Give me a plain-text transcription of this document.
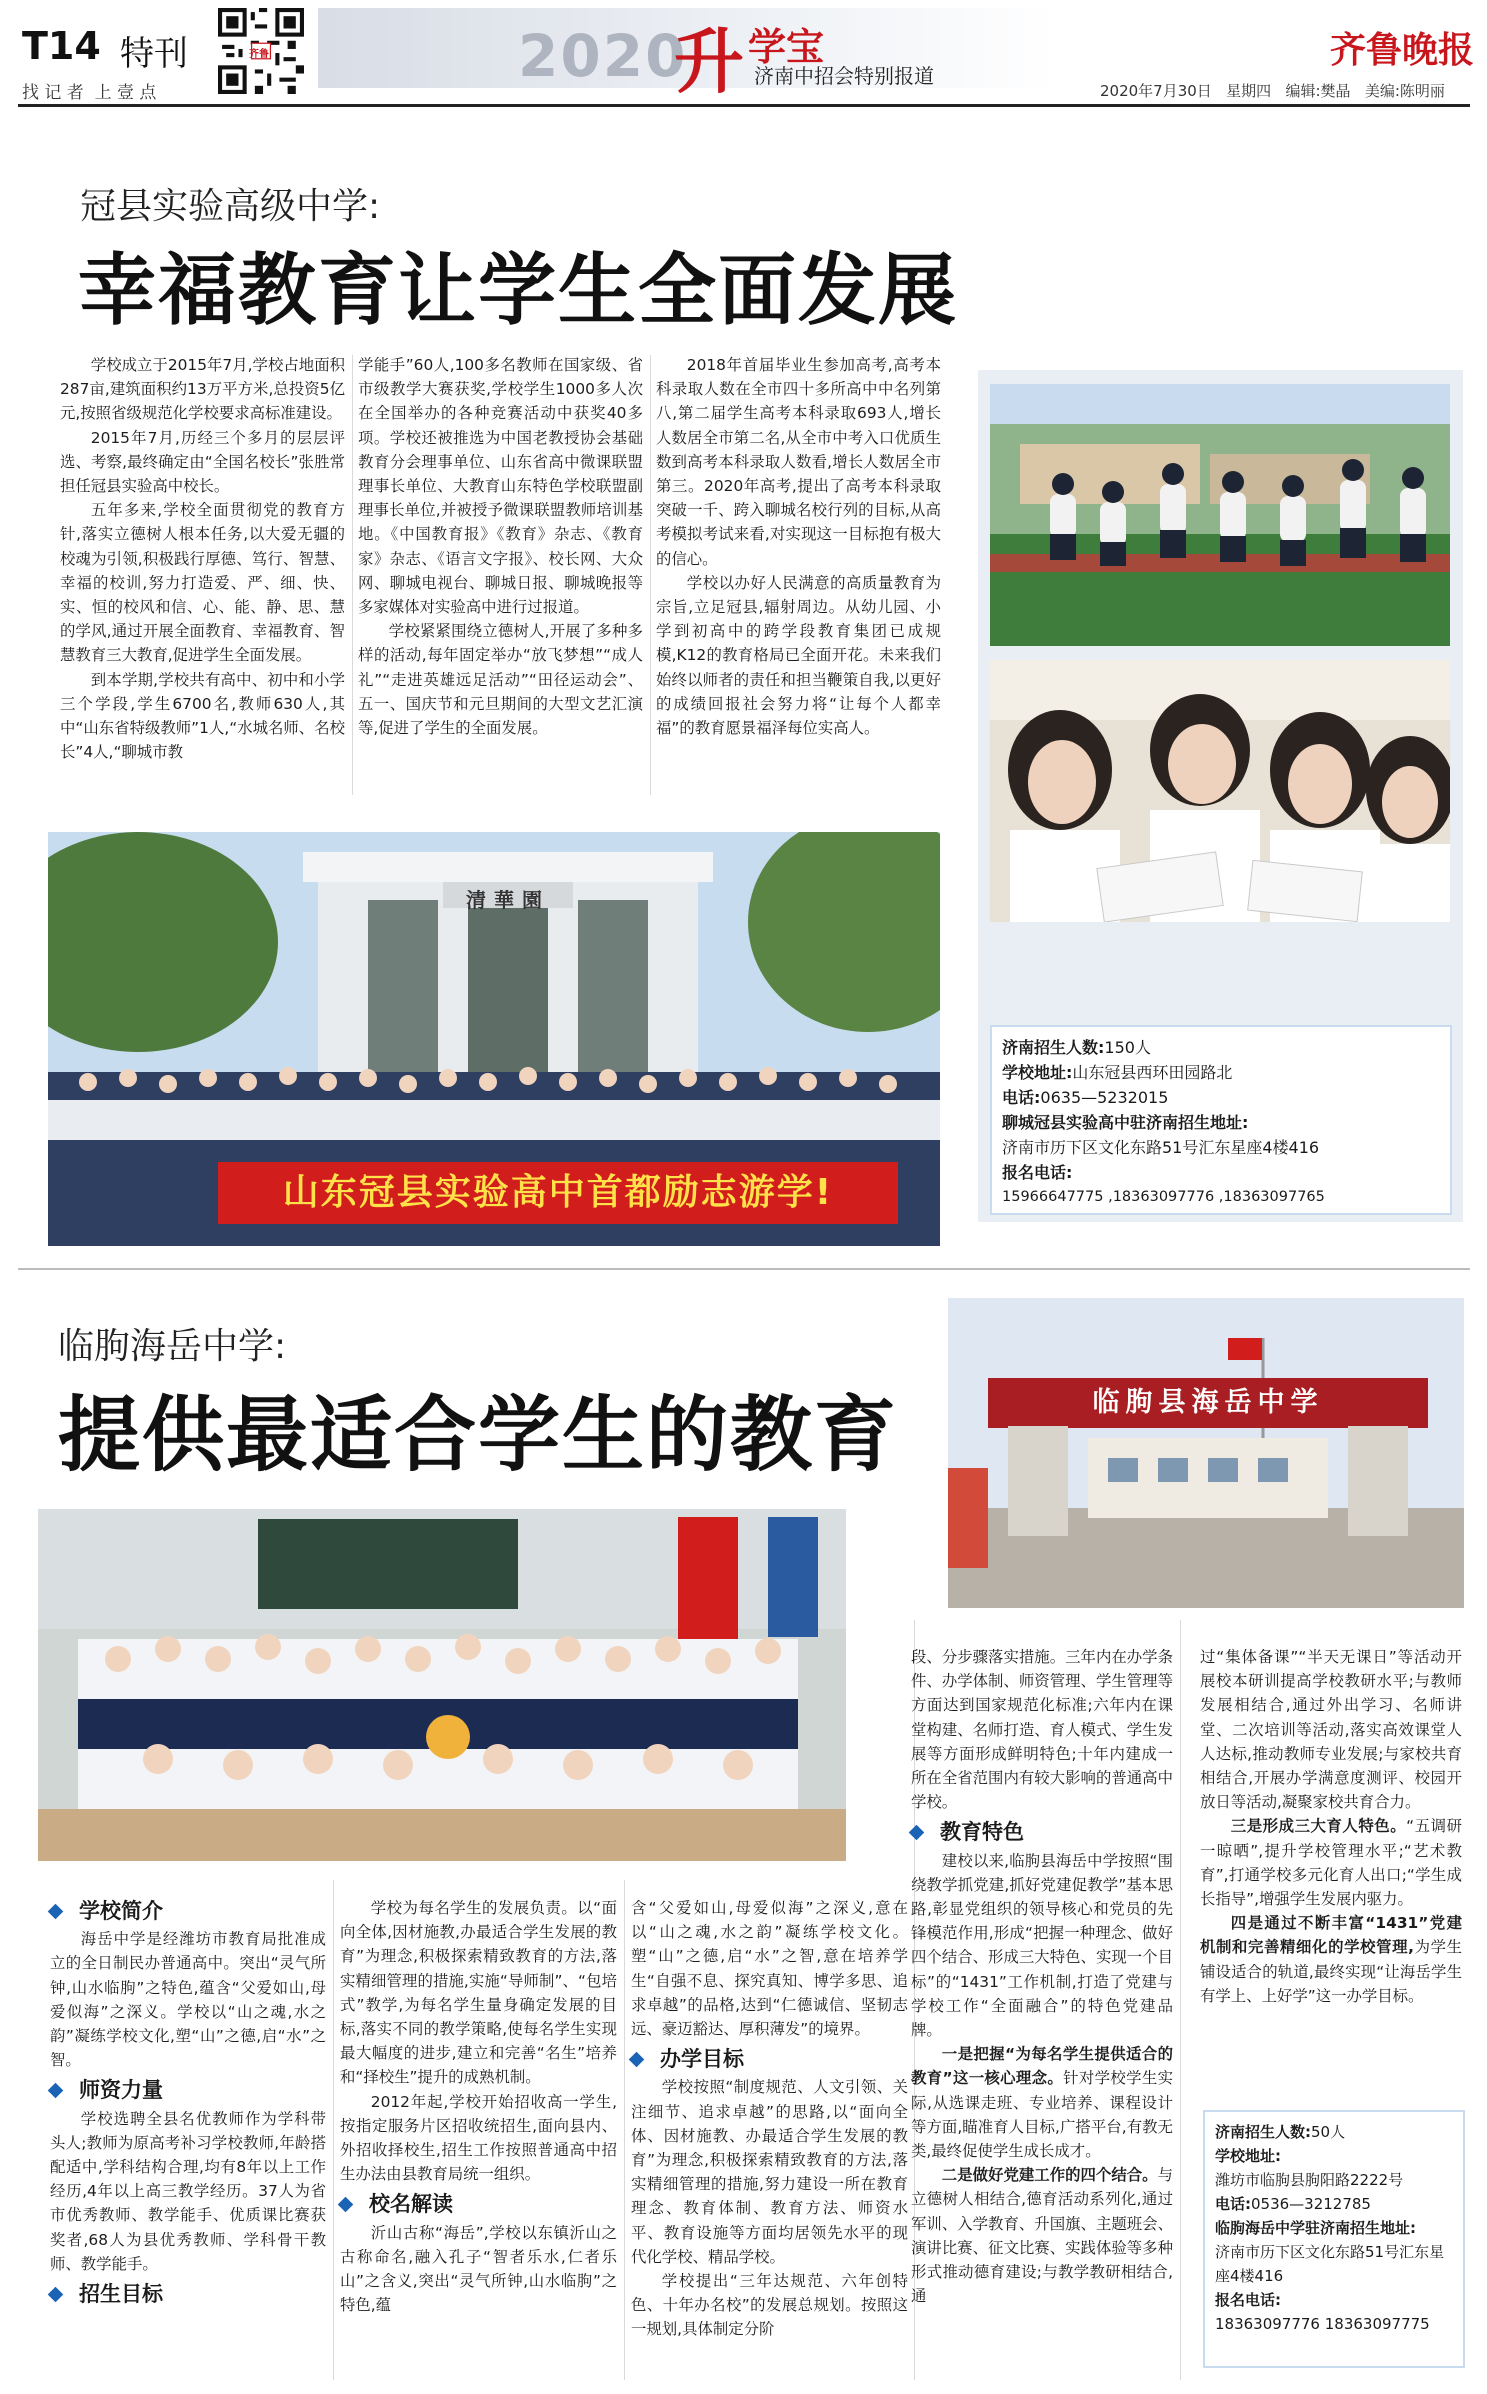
T14 特刊
找 记 者  上 壹 点
齐鲁	2020
升 学宝
济南中招会特别报道
齐鲁晚报
2020年7月30日 星期四 编辑:樊晶 美编:陈明丽
冠县实验高级中学:
幸福教育让学生全面发展

学校成立于2015年7月,学校占地面积287亩,建筑面积约13万平方米,总投资5亿元,按照省级规范化学校要求高标准建设。

2015年7月,历经三个多月的层层评选、考察,最终确定由“全国名校长”张胜常担任冠县实验高中校长。

五年多来,学校全面贯彻党的教育方针,落实立德树人根本任务,以大爱无疆的校魂为引领,积极践行厚德、笃行、智慧、幸福的校训,努力打造爱、严、细、快、实、恒的校风和信、心、能、静、思、慧的学风,通过开展全面教育、幸福教育、智慧教育三大教育,促进学生全面发展。

到本学期,学校共有高中、初中和小学三个学段,学生6700名,教师630人,其中“山东省特级教师”1人,“水城名师、名校长”4人,“聊城市教

学能手”60人,100多名教师在国家级、省市级教学大赛获奖,学校学生1000多人次在全国举办的各种竞赛活动中获奖40多项。学校还被推选为中国老教授协会基础教育分会理事单位、山东省高中微课联盟理事长单位、大教育山东特色学校联盟副理事长单位,并被授予微课联盟教师培训基地。《中国教育报》《教育》杂志、《教育家》杂志、《语言文字报》、校长网、大众网、聊城电视台、聊城日报、聊城晚报等多家媒体对实验高中进行过报道。

学校紧紧围绕立德树人,开展了多种多样的活动,每年固定举办“放飞梦想”“成人礼”“走进英雄远足活动”“田径运动会”、五一、国庆节和元旦期间的大型文艺汇演等,促进了学生的全面发展。

2018年首届毕业生参加高考,高考本科录取人数在全市四十多所高中中名列第八,第二届学生高考本科录取693人,增长人数居全市第二名,从全市中考入口优质生数到高考本科录取人数看,增长人数居全市第三。2020年高考,提出了高考本科录取突破一千、跨入聊城名校行列的目标,从高考模拟考试来看,对实现这一目标抱有极大的信心。

学校以办好人民满意的高质量教育为宗旨,立足冠县,辐射周边。从幼儿园、小学到初高中的跨学段教育集团已成规模,K12的教育格局已全面开花。未来我们始终以师者的责任和担当鞭策自我,以更好的成绩回报社会努力将“让每个人都幸福”的教育愿景福泽每位实高人。

济南招生人数:150人
学校地址:山东冠县西环田园路北
电话:0635—5232015
聊城冠县实验高中驻济南招生地址:
济南市历下区文化东路51号汇东星座4楼416
报名电话:
15966647775 ,18363097776 ,18363097765
清華園
山东冠县实验高中首都励志游学!
临朐海岳中学:
提供最适合学生的教育	临朐县海岳中学
学校简介

海岳中学是经潍坊市教育局批准成立的全日制民办普通高中。突出“灵气所钟,山水临朐”之特色,蕴含“父爱如山,母爱似海”之深义。学校以“山之魂,水之韵”凝练学校文化,塑“山”之德,启“水”之智。

师资力量

学校选聘全县名优教师作为学科带头人;教师为原高考补习学校教师,年龄搭配适中,学科结构合理,均有8年以上工作经历,4年以上高三教学经历。37人为省市优秀教师、教学能手、优质课比赛获奖者,68人为县优秀教师、学科骨干教师、教学能手。

招生目标

学校为每名学生的发展负责。以“面向全体,因材施教,办最适合学生发展的教育”为理念,积极探索精致教育的方法,落实精细管理的措施,实施“导师制”、“包培式”教学,为每名学生量身确定发展的目标,落实不同的教学策略,使每名学生实现最大幅度的进步,建立和完善“名生”培养和“择校生”提升的成熟机制。

2012年起,学校开始招收高一学生,按指定服务片区招收统招生,面向县内、外招收择校生,招生工作按照普通高中招生办法由县教育局统一组织。

校名解读

沂山古称“海岳”,学校以东镇沂山之古称命名,融入孔子“智者乐水,仁者乐山”之含义,突出“灵气所钟,山水临朐”之特色,蕴

含“父爱如山,母爱似海”之深义,意在以“山之魂,水之韵”凝练学校文化。塑“山”之德,启“水”之智,意在培养学生“自强不息、探究真知、博学多思、追求卓越”的品格,达到“仁德诚信、坚韧志远、豪迈豁达、厚积薄发”的境界。

办学目标

学校按照“制度规范、人文引领、关注细节、追求卓越”的思路,以“面向全体、因材施教、办最适合学生发展的教育”为理念,积极探索精致教育的方法,落实精细管理的措施,努力建设一所在教育理念、教育体制、教育方法、师资水平、教育设施等方面均居领先水平的现代化学校、精品学校。

学校提出“三年达规范、六年创特色、十年办名校”的发展总规划。按照这一规划,具体制定分阶

段、分步骤落实措施。三年内在办学条件、办学体制、师资管理、学生管理等方面达到国家规范化标准;六年内在课堂构建、名师打造、育人模式、学生发展等方面形成鲜明特色;十年内建成一所在全省范围内有较大影响的普通高中学校。

教育特色

建校以来,临朐县海岳中学按照“围绕教学抓党建,抓好党建促教学”基本思路,彰显党组织的领导核心和党员的先锋模范作用,形成“把握一种理念、做好四个结合、形成三大特色、实现一个目标”的“1431”工作机制,打造了党建与学校工作“全面融合”的特色党建品牌。

一是把握“为每名学生提供适合的教育”这一核心理念。针对学校学生实际,从选课走班、专业培养、课程设计等方面,瞄准育人目标,广搭平台,有教无类,最终促使学生成长成才。

二是做好党建工作的四个结合。与立德树人相结合,德育活动系列化,通过军训、入学教育、升国旗、主题班会、演讲比赛、征文比赛、实践体验等多种形式推动德育建设;与教学教研相结合,通

过“集体备课”“半天无课日”等活动开展校本研训提高学校教研水平;与教师发展相结合,通过外出学习、名师讲堂、二次培训等活动,落实高效课堂人人达标,推动教师专业发展;与家校共育相结合,开展办学满意度测评、校园开放日等活动,凝聚家校共育合力。

三是形成三大育人特色。“五调研一晾晒”,提升学校管理水平;“艺术教育”,打通学校多元化育人出口;“学生成长指导”,增强学生发展内驱力。

四是通过不断丰富“1431”党建机制和完善精细化的学校管理,为学生铺设适合的轨道,最终实现“让海岳学生有学上、上好学”这一办学目标。

济南招生人数:50人
学校地址:
潍坊市临朐县朐阳路2222号
电话:0536—3212785
临朐海岳中学驻济南招生地址:
济南市历下区文化东路51号汇东星座4楼416
报名电话:
18363097776 18363097775
